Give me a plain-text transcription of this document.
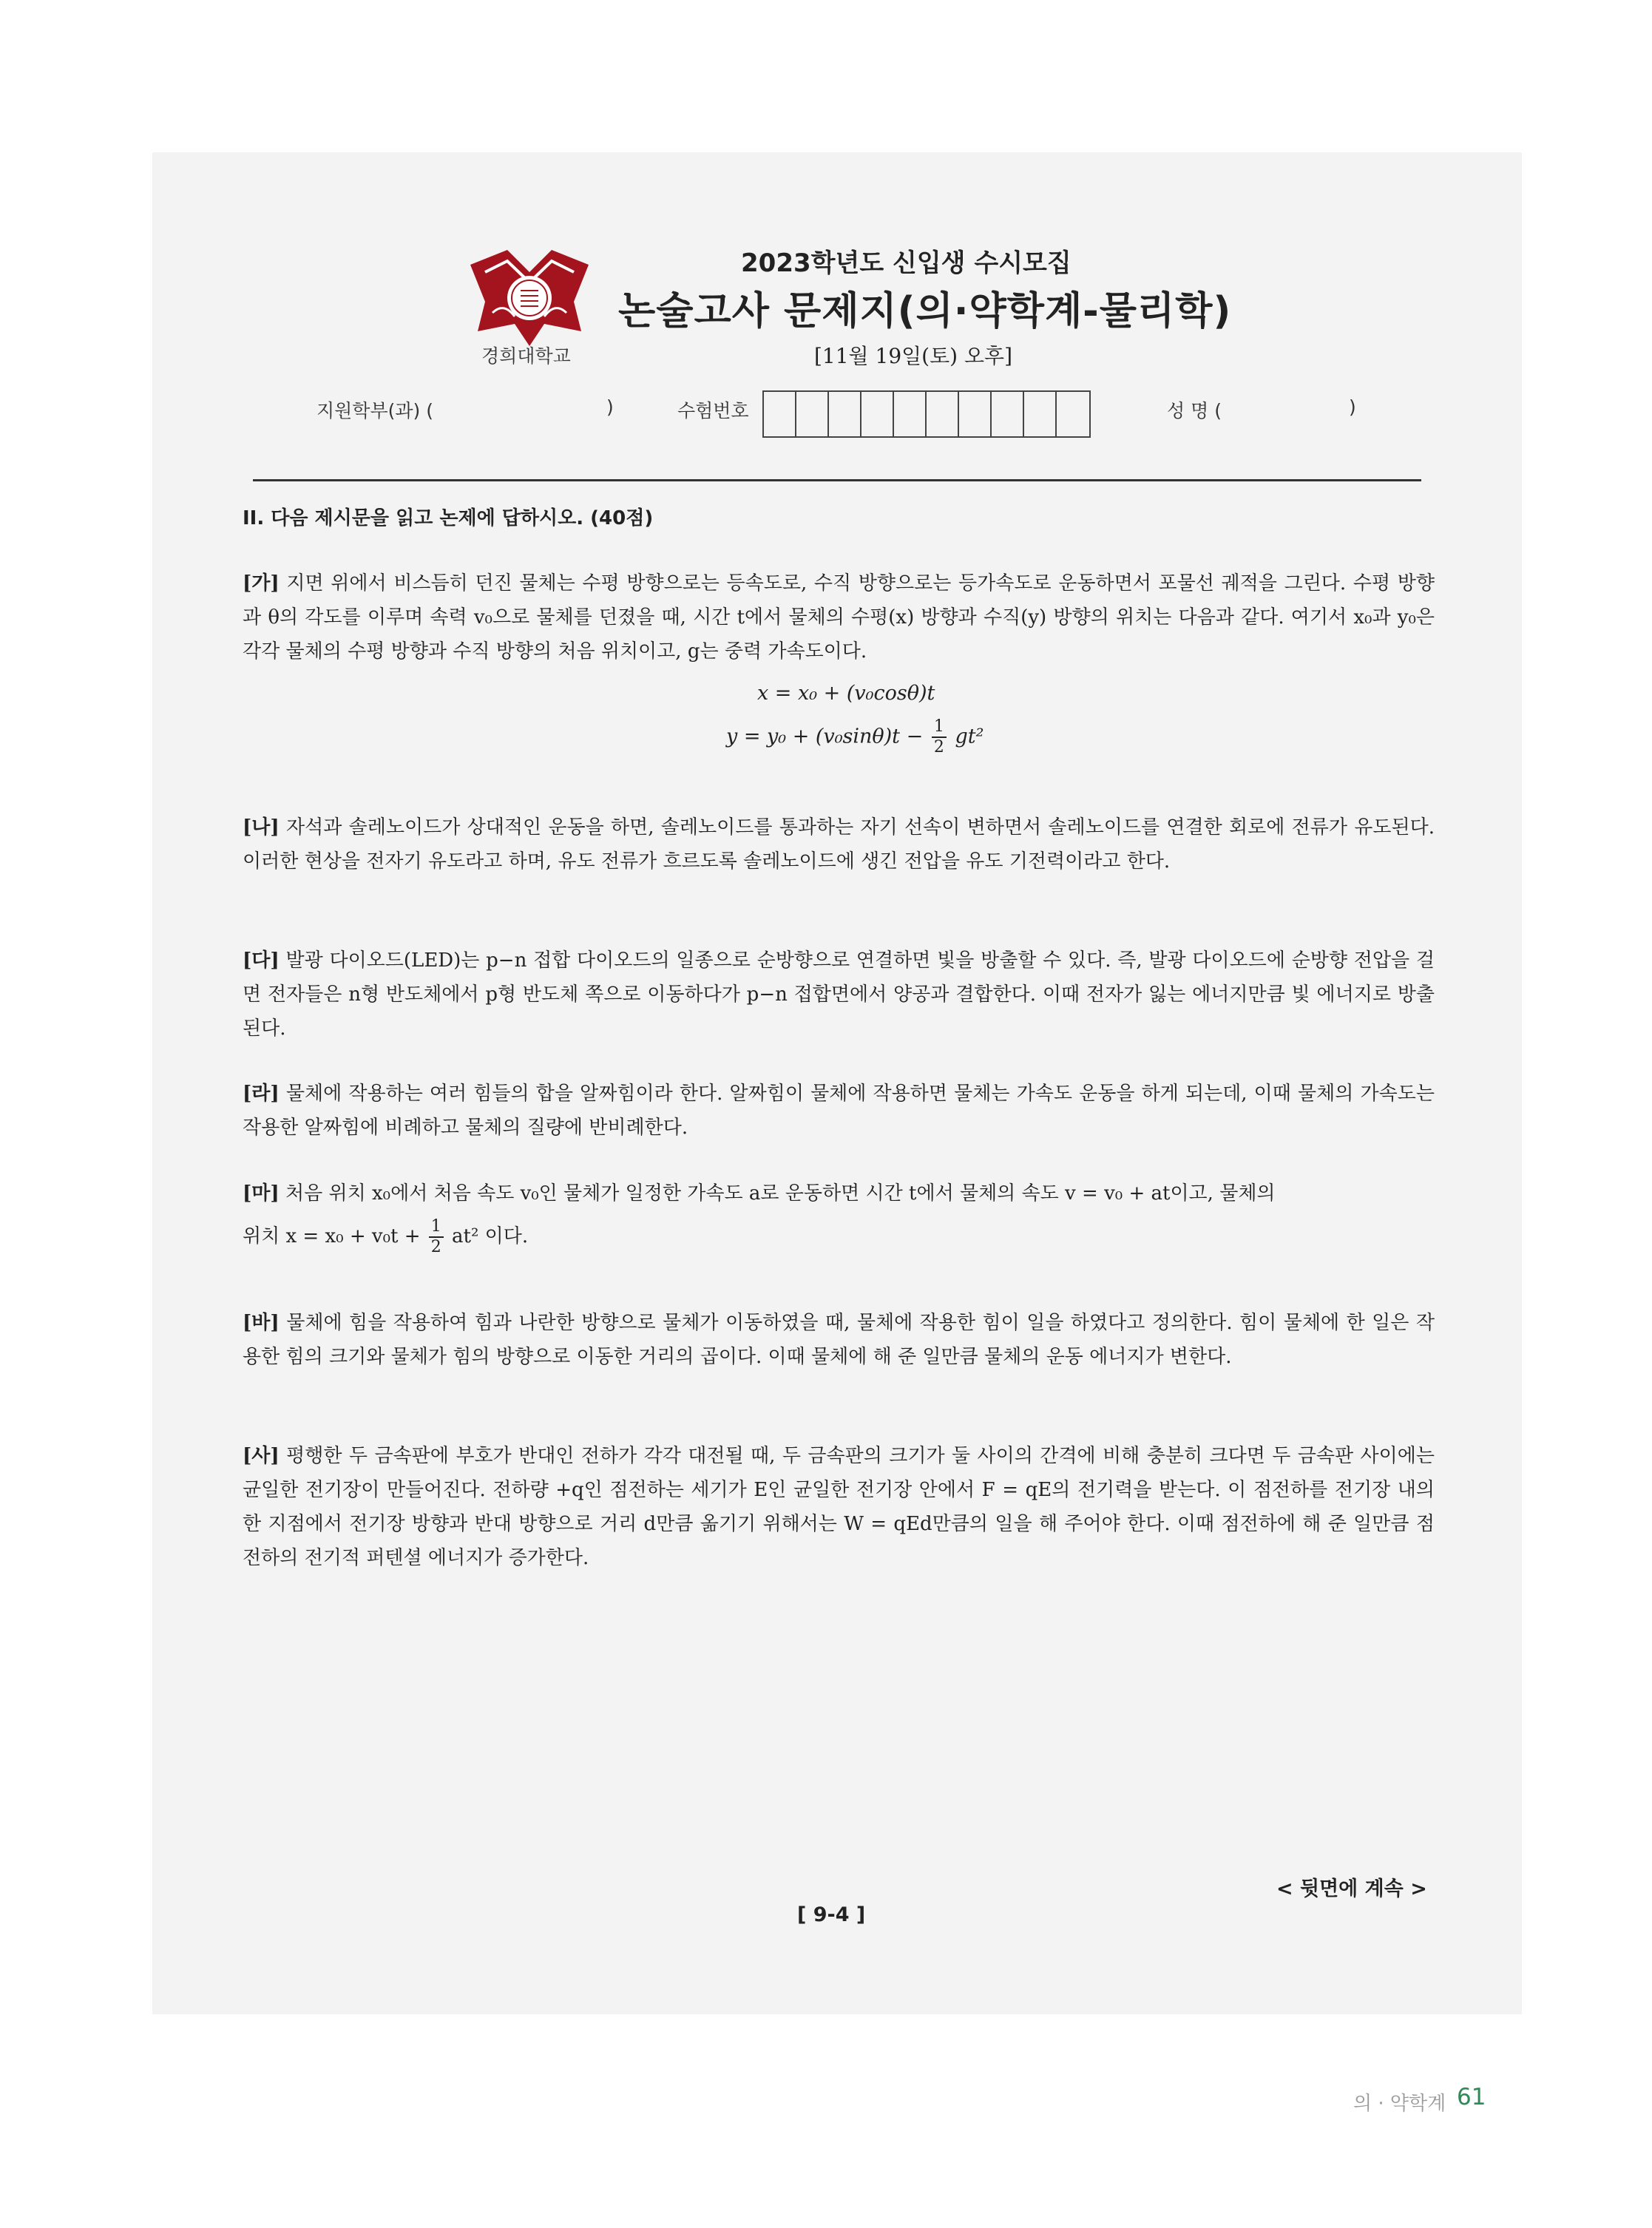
경희대학교
2023학년도 신입생 수시모집
논술고사 문제지(의·약학계-물리학)
[11월 19일(토) 오후]
지원학부(과) (	)	수험번호	성 명 (	)
II. 다음 제시문을 읽고 논제에 답하시오. (40점)
[가] 지면 위에서 비스듬히 던진 물체는 수평 방향으로는 등속도로, 수직 방향으로는 등가속도로 운동하면서 포물선 궤적을 그린다. 수평 방향과 θ의 각도를 이루며 속력 v₀으로 물체를 던졌을 때, 시간 t에서 물체의 수평(x) 방향과 수직(y) 방향의 위치는 다음과 같다. 여기서 x₀과 y₀은 각각 물체의 수평 방향과 수직 방향의 처음 위치이고, g는 중력 가속도이다.
x = x₀ + (v₀cosθ)t
$y = y_0 + (v_0\sin\theta)t - \frac{1}{2} gt^2$
[나] 자석과 솔레노이드가 상대적인 운동을 하면, 솔레노이드를 통과하는 자기 선속이 변하면서 솔레노이드를 연결한 회로에 전류가 유도된다. 이러한 현상을 전자기 유도라고 하며, 유도 전류가 흐르도록 솔레노이드에 생긴 전압을 유도 기전력이라고 한다.
[다] 발광 다이오드(LED)는 p−n 접합 다이오드의 일종으로 순방향으로 연결하면 빛을 방출할 수 있다. 즉, 발광 다이오드에 순방향 전압을 걸면 전자들은 n형 반도체에서 p형 반도체 쪽으로 이동하다가 p−n 접합면에서 양공과 결합한다. 이때 전자가 잃는 에너지만큼 빛 에너지로 방출된다.
[라] 물체에 작용하는 여러 힘들의 합을 알짜힘이라 한다. 알짜힘이 물체에 작용하면 물체는 가속도 운동을 하게 되는데, 이때 물체의 가속도는 작용한 알짜힘에 비례하고 물체의 질량에 반비례한다.
[마] 처음 위치 x₀에서 처음 속도 v₀인 물체가 일정한 가속도 a로 운동하면 시간 t에서 물체의 속도 v = v₀ + at이고, 물체의
위치 $x = x_0 + v_0t + \frac{1}{2} at^2$ 이다.
[바] 물체에 힘을 작용하여 힘과 나란한 방향으로 물체가 이동하였을 때, 물체에 작용한 힘이 일을 하였다고 정의한다. 힘이 물체에 한 일은 작용한 힘의 크기와 물체가 힘의 방향으로 이동한 거리의 곱이다. 이때 물체에 해 준 일만큼 물체의 운동 에너지가 변한다.
[사] 평행한 두 금속판에 부호가 반대인 전하가 각각 대전될 때, 두 금속판의 크기가 둘 사이의 간격에 비해 충분히 크다면 두 금속판 사이에는 균일한 전기장이 만들어진다. 전하량 +q인 점전하는 세기가 E인 균일한 전기장 안에서 F = qE의 전기력을 받는다. 이 점전하를 전기장 내의 한 지점에서 전기장 방향과 반대 방향으로 거리 d만큼 옮기기 위해서는 W = qEd만큼의 일을 해 주어야 한다. 이때 점전하에 해 준 일만큼 점전하의 전기적 퍼텐셜 에너지가 증가한다.
< 뒷면에 계속 >
[ 9-4 ]
의 · 약학계 61
